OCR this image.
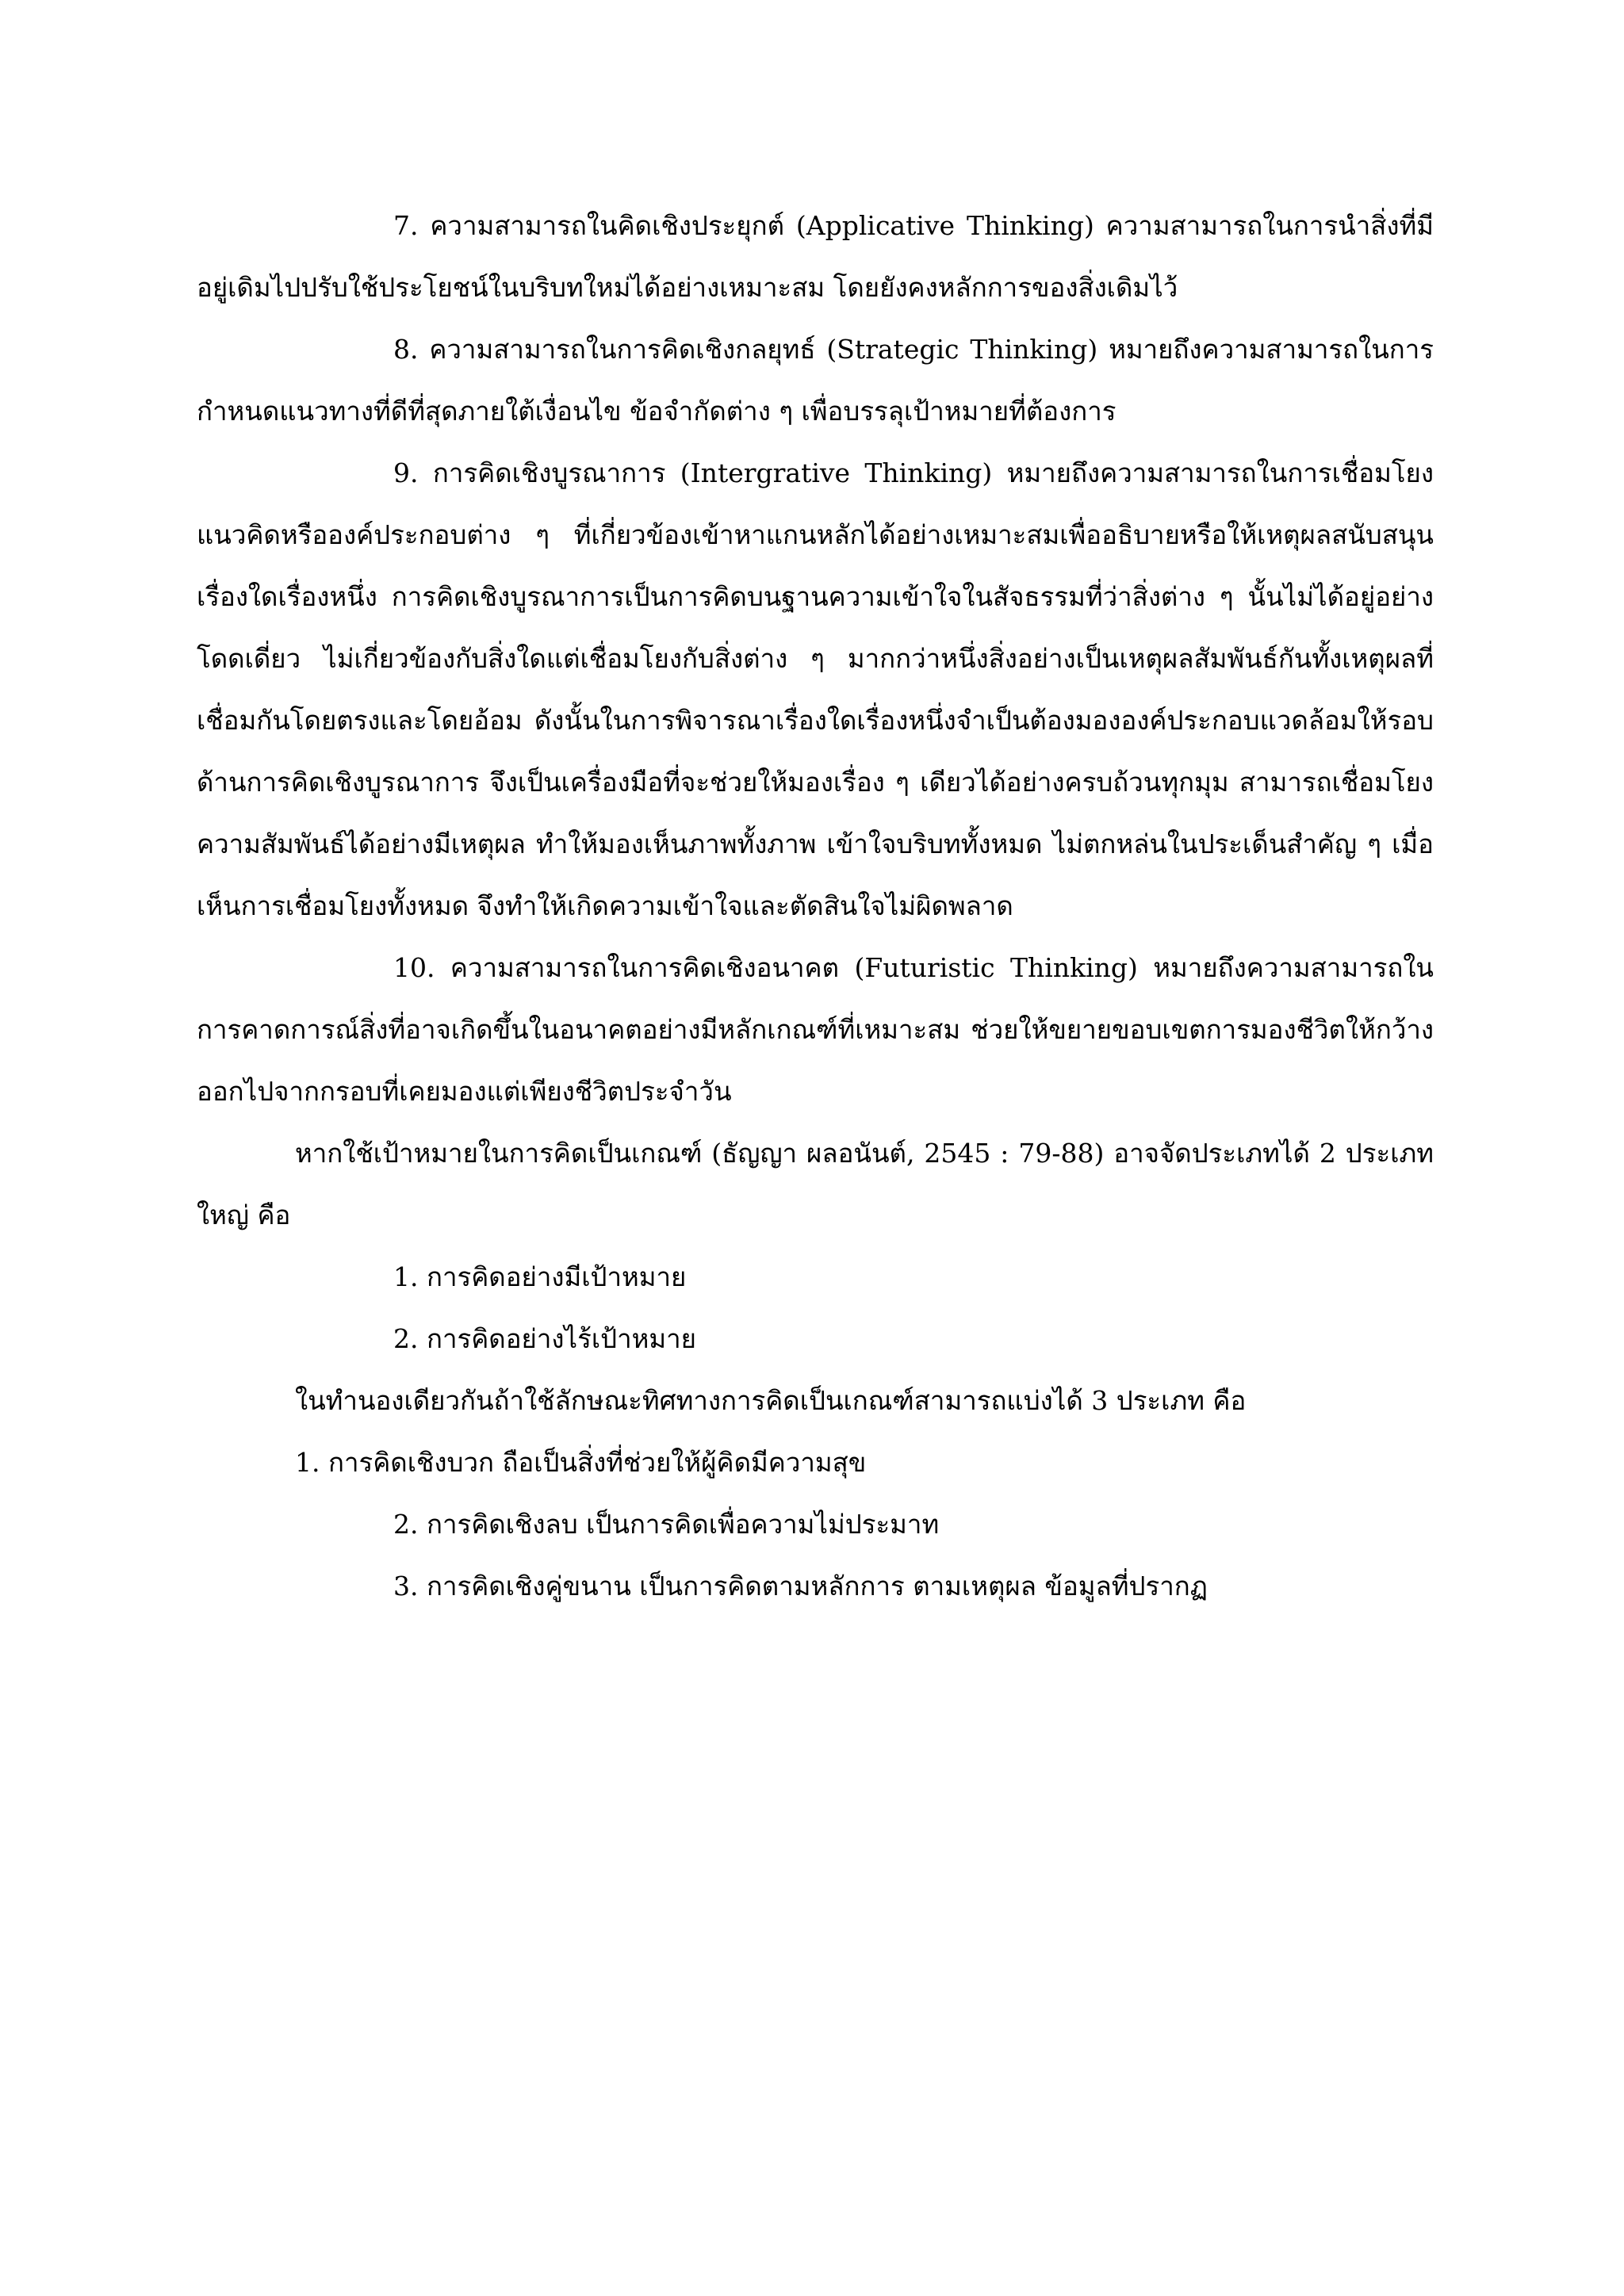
7. ความสามารถในคิดเชิงประยุกต์ (Applicative Thinking) ความสามารถในการนำสิ่งที่มีอยู่เดิมไปปรับใช้ประโยชน์ในบริบทใหม่ได้อย่างเหมาะสม โดยยังคงหลักการของสิ่งเดิมไว้

8. ความสามารถในการคิดเชิงกลยุทธ์ (Strategic Thinking) หมายถึงความสามารถในการกำหนดแนวทางที่ดีที่สุดภายใต้เงื่อนไข ข้อจำกัดต่าง ๆ เพื่อบรรลุเป้าหมายที่ต้องการ

9. การคิดเชิงบูรณาการ (Intergrative Thinking) หมายถึงความสามารถในการเชื่อมโยงแนวคิดหรือองค์ประกอบต่าง ๆ ที่เกี่ยวข้องเข้าหาแกนหลักได้อย่างเหมาะสมเพื่ออธิบายหรือให้เหตุผลสนับสนุนเรื่องใดเรื่องหนึ่ง การคิดเชิงบูรณาการเป็นการคิดบนฐานความเข้าใจในสัจธรรมที่ว่าสิ่งต่าง ๆ นั้นไม่ได้อยู่อย่างโดดเดี่ยว ไม่เกี่ยวข้องกับสิ่งใดแต่เชื่อมโยงกับสิ่งต่าง ๆ มากกว่าหนึ่งสิ่งอย่างเป็นเหตุผลสัมพันธ์กันทั้งเหตุผลที่เชื่อมกันโดยตรงและโดยอ้อม ดังนั้นในการพิจารณาเรื่องใดเรื่องหนึ่งจำเป็นต้องมององค์ประกอบแวดล้อมให้รอบด้านการคิดเชิงบูรณาการ จึงเป็นเครื่องมือที่จะช่วยให้มองเรื่อง ๆ เดียวได้อย่างครบถ้วนทุกมุม สามารถเชื่อมโยงความสัมพันธ์ได้อย่างมีเหตุผล ทำให้มองเห็นภาพทั้งภาพ เข้าใจบริบททั้งหมด ไม่ตกหล่นในประเด็นสำคัญ ๆ เมื่อเห็นการเชื่อมโยงทั้งหมด จึงทำให้เกิดความเข้าใจและตัดสินใจไม่ผิดพลาด

10. ความสามารถในการคิดเชิงอนาคต (Futuristic Thinking) หมายถึงความสามารถในการคาดการณ์สิ่งที่อาจเกิดขึ้นในอนาคตอย่างมีหลักเกณฑ์ที่เหมาะสม ช่วยให้ขยายขอบเขตการมองชีวิตให้กว้างออกไปจากกรอบที่เคยมองแต่เพียงชีวิตประจำวัน

หากใช้เป้าหมายในการคิดเป็นเกณฑ์ (ธัญญา ผลอนันต์, 2545 : 79-88) อาจจัดประเภทได้ 2 ประเภทใหญ่ คือ

1. การคิดอย่างมีเป้าหมาย

2. การคิดอย่างไร้เป้าหมาย

ในทำนองเดียวกันถ้าใช้ลักษณะทิศทางการคิดเป็นเกณฑ์สามารถแบ่งได้ 3 ประเภท คือ

1. การคิดเชิงบวก ถือเป็นสิ่งที่ช่วยให้ผู้คิดมีความสุข

2. การคิดเชิงลบ เป็นการคิดเพื่อความไม่ประมาท

3. การคิดเชิงคู่ขนาน เป็นการคิดตามหลักการ ตามเหตุผล ข้อมูลที่ปรากฏ
